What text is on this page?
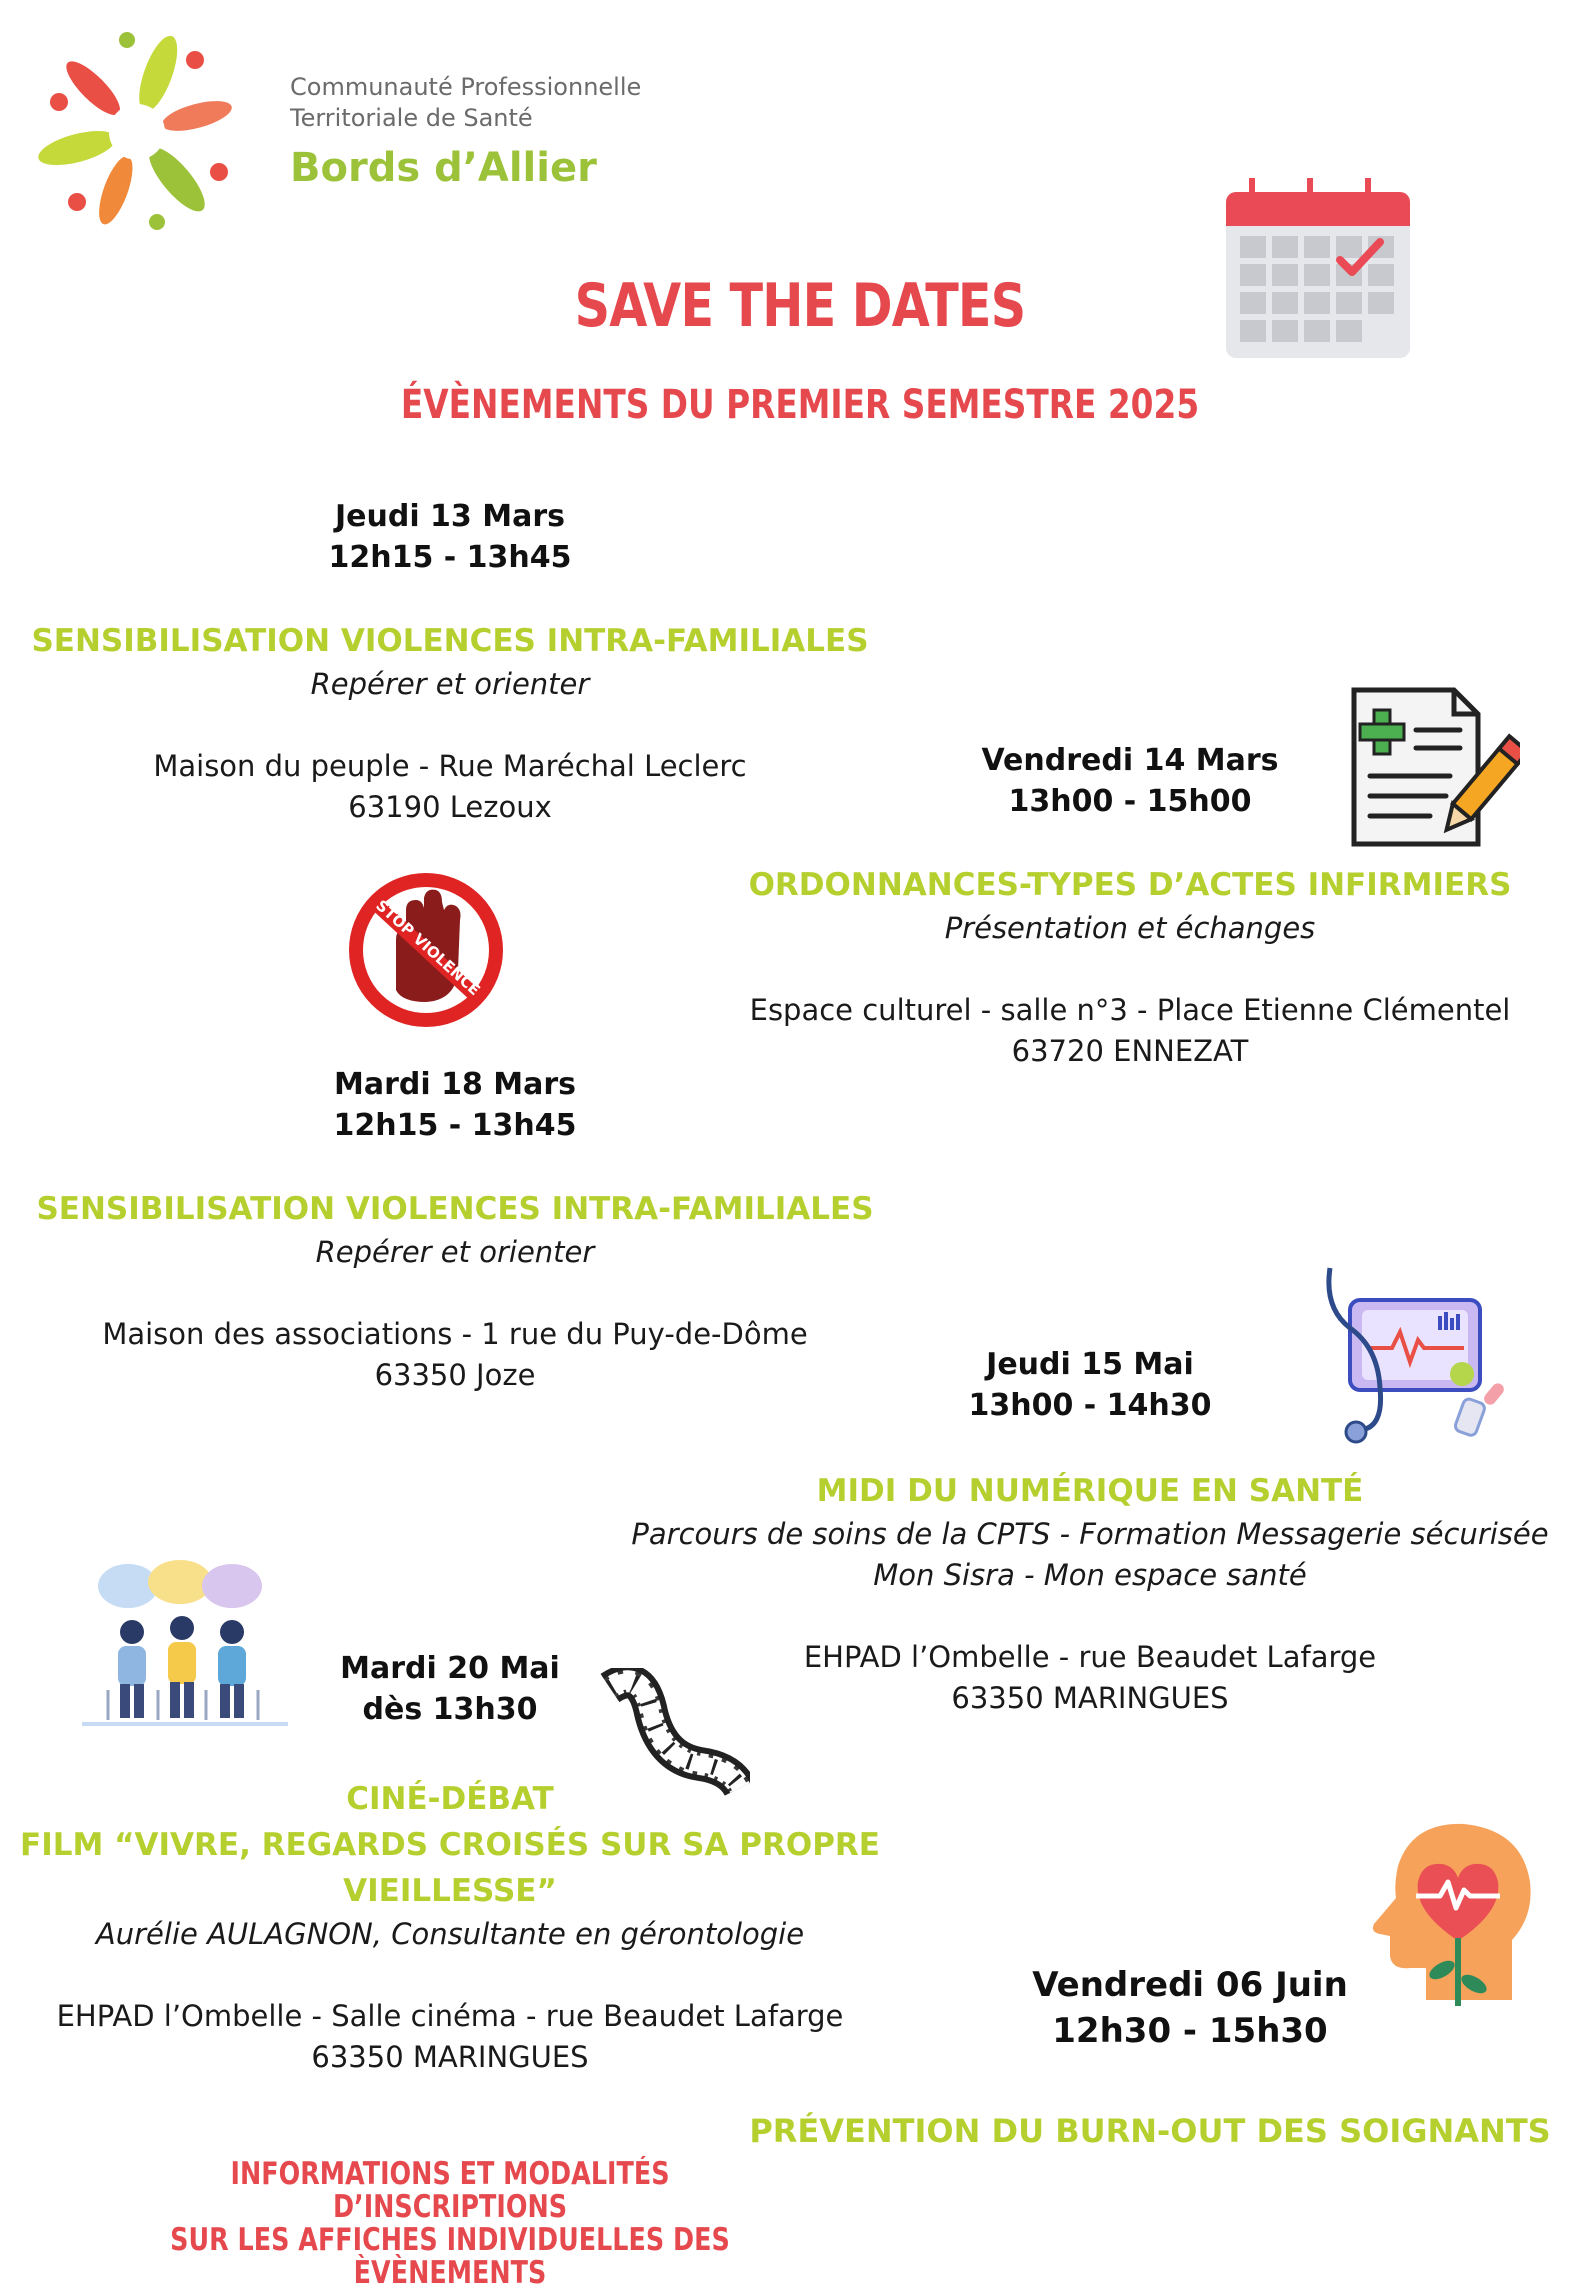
Communauté Professionnelle
Territoriale de Santé
Bords d’Allier
SAVE THE DATES
ÉVÈNEMENTS DU PREMIER SEMESTRE 2025
Jeudi 13 Mars
12h15 - 13h45
SENSIBILISATION VIOLENCES INTRA-FAMILIALES
Repérer et orienter
Maison du peuple - Rue Maréchal Leclerc
63190 Lezoux
Vendredi 14 Mars
13h00 - 15h00
ORDONNANCES-TYPES D’ACTES INFIRMIERS
Présentation et échanges
Espace culturel - salle n°3 - Place Etienne Clémentel
63720 ENNEZAT
STOP VIOLENCE
Mardi 18 Mars
12h15 - 13h45
SENSIBILISATION VIOLENCES INTRA-FAMILIALES
Repérer et orienter
Maison des associations - 1 rue du Puy-de-Dôme
63350 Joze	Jeudi 15 Mai
13h00 - 14h30
MIDI DU NUMÉRIQUE EN SANTÉ
Parcours de soins de la CPTS - Formation Messagerie sécurisée
Mon Sisra - Mon espace santé
EHPAD l’Ombelle - rue Beaudet Lafarge
63350 MARINGUES
Mardi 20 Mai
dès 13h30
CINÉ-DÉBAT
FILM “VIVRE, REGARDS CROISÉS SUR SA PROPRE
VIEILLESSE”
Aurélie AULAGNON, Consultante en gérontologie
EHPAD l’Ombelle - Salle cinéma - rue Beaudet Lafarge
63350 MARINGUES
Vendredi 06 Juin
12h30 - 15h30
PRÉVENTION DU BURN-OUT DES SOIGNANTS
INFORMATIONS ET MODALITÉS D’INSCRIPTIONS
SUR LES AFFICHES INDIVIDUELLES DES ÈVÈNEMENTS
